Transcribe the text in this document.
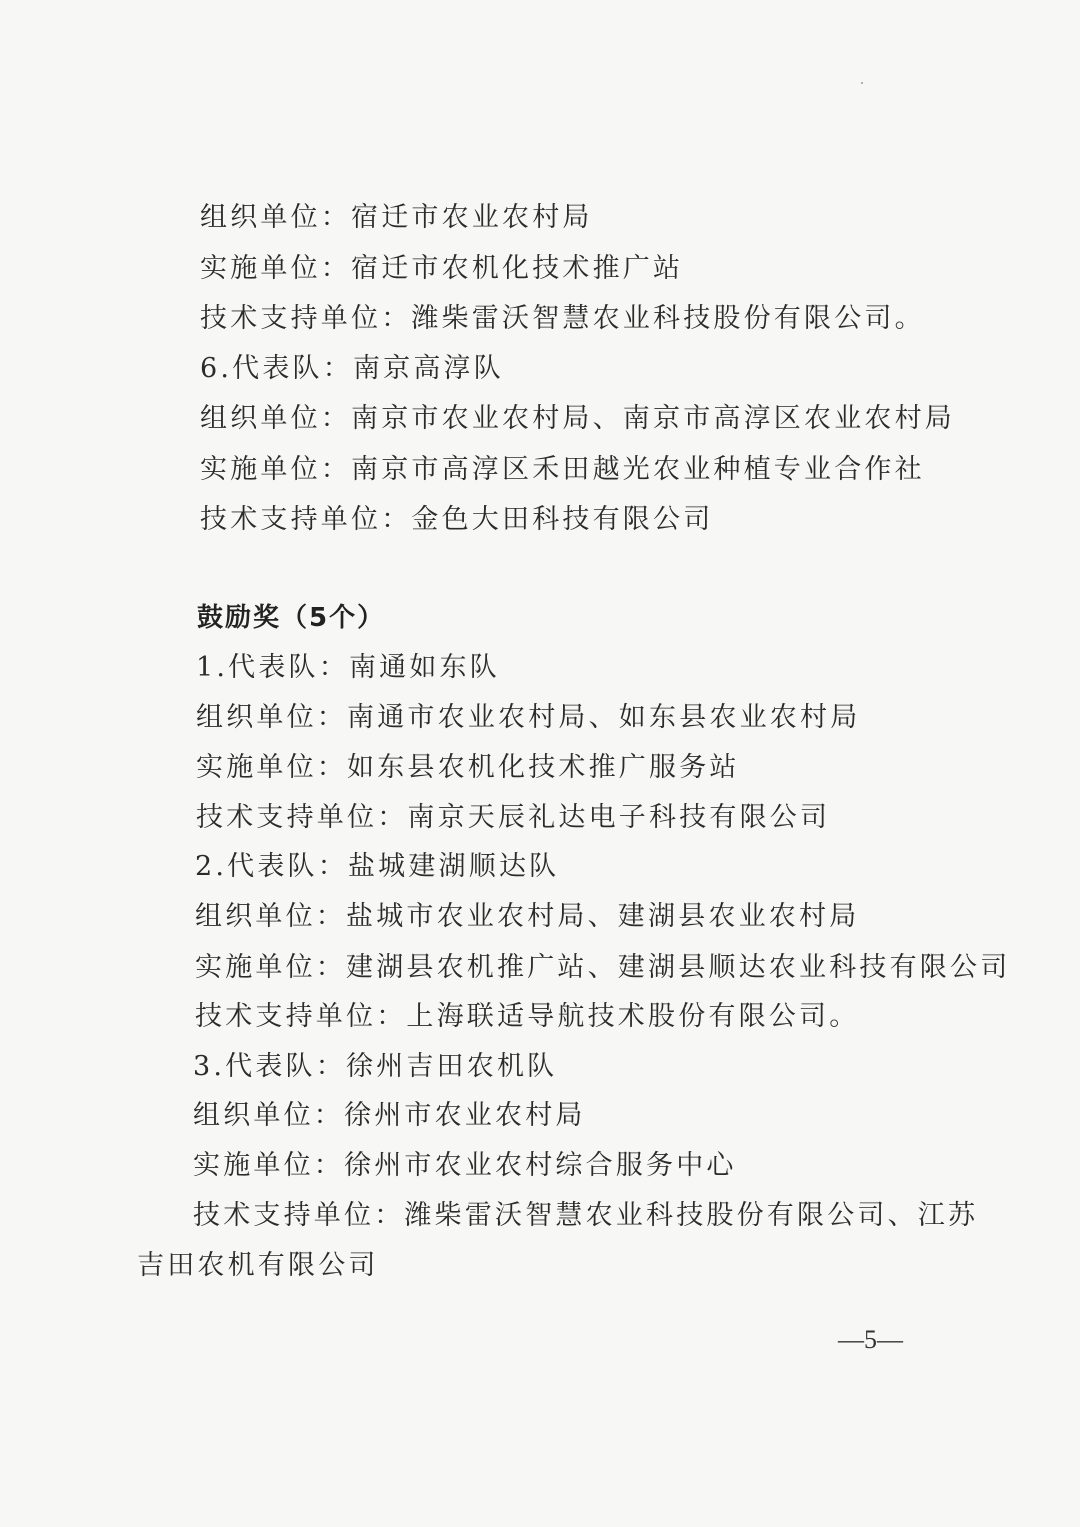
组织单位：宿迁市农业农村局
实施单位：宿迁市农机化技术推广站
技术支持单位：潍柴雷沃智慧农业科技股份有限公司。
6.代表队：南京高淳队
组织单位：南京市农业农村局、南京市高淳区农业农村局
实施单位：南京市高淳区禾田越光农业种植专业合作社
技术支持单位：金色大田科技有限公司
鼓励奖（5个）
1.代表队：南通如东队
组织单位：南通市农业农村局、如东县农业农村局
实施单位：如东县农机化技术推广服务站
技术支持单位：南京天辰礼达电子科技有限公司
2.代表队：盐城建湖顺达队
组织单位：盐城市农业农村局、建湖县农业农村局
实施单位：建湖县农机推广站、建湖县顺达农业科技有限公司
技术支持单位：上海联适导航技术股份有限公司。
3.代表队：徐州吉田农机队
组织单位：徐州市农业农村局
实施单位：徐州市农业农村综合服务中心
技术支持单位：潍柴雷沃智慧农业科技股份有限公司、江苏
吉田农机有限公司
—5—
